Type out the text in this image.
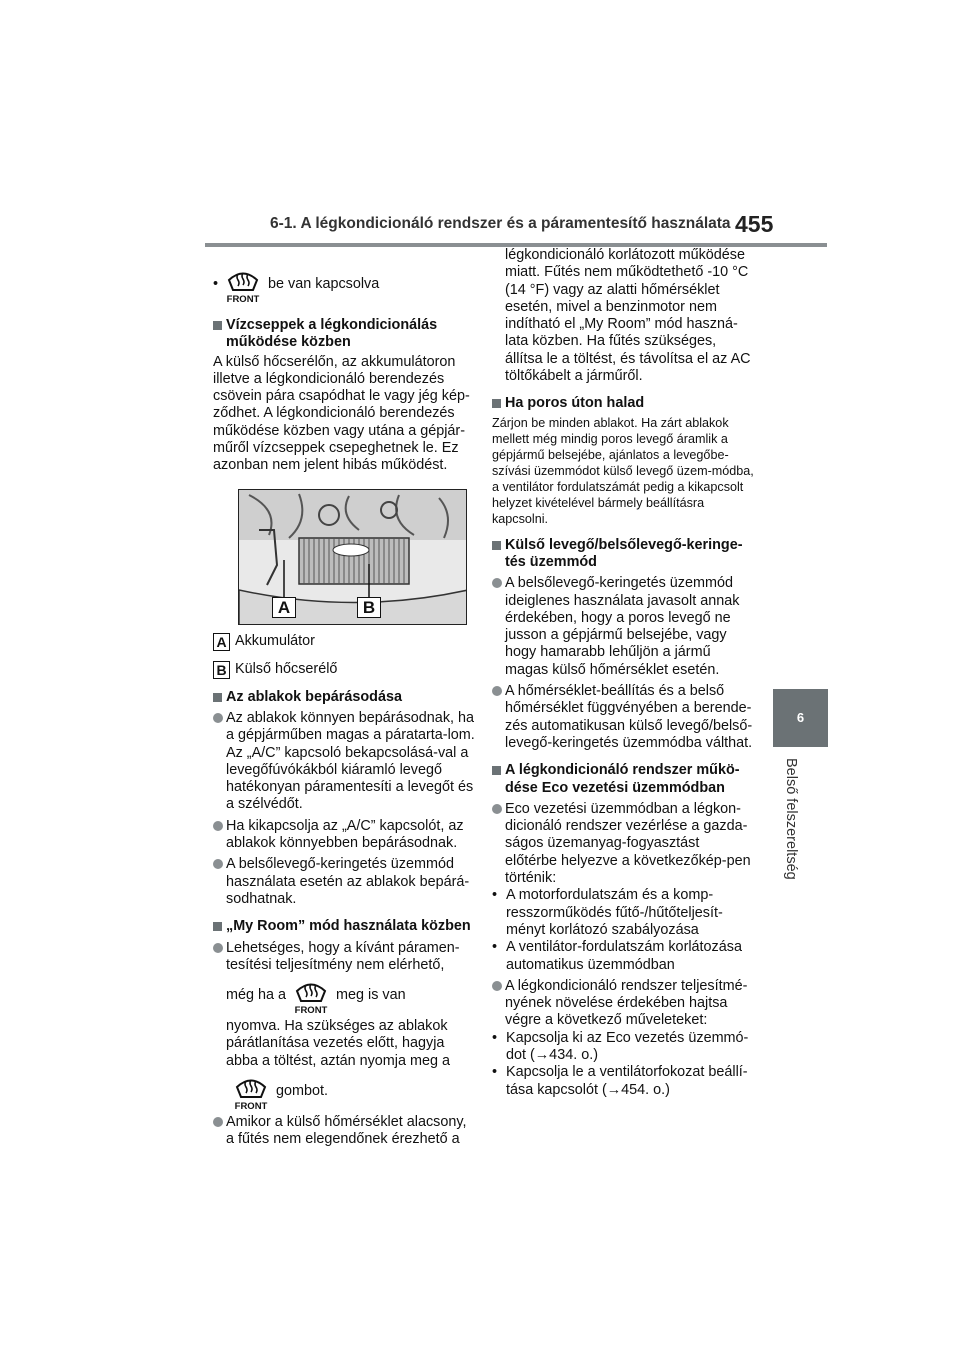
6-1. A légkondicionáló rendszer és a páramentesítő használata 455
6
Belső felszereltség
•
FRONT
be van kapcsolva
Vízcseppek a légkondicionálás működése közben
A külső hőcserélőn, az akkumulátoron illetve a légkondicionáló berendezés csövein pára csapódhat le vagy jég kép-ződhet. A légkondicionáló berendezés működése közben vagy utána a gépjár-műről vízcseppek csepeghetnek le. Ez azonban nem jelent hibás működést.
A	B
A Akkumulátor
B Külső hőcserélő
Az ablakok bepárásodása
Az ablakok könnyen bepárásodnak, ha a gépjárműben magas a páratarta-lom. Az „A/C” kapcsoló bekapcsolásá-val a levegőfúvókákból kiáramló levegő hatékonyan páramentesíti a levegőt és a szélvédőt.
Ha kikapcsolja az „A/C” kapcsolót, az ablakok könnyebben bepárásodnak.
A belsőlevegő-keringetés üzemmód használata esetén az ablakok bepárá-sodhatnak.
„My Room” mód használata közben
Lehetséges, hogy a kívánt páramen-tesítési teljesítmény nem elérhető,
még ha a
FRONT
meg is van
nyomva. Ha szükséges az ablakok párátlanítása vezetés előtt, hagyja abba a töltést, aztán nyomja meg a
FRONT
gombot.
Amikor a külső hőmérséklet alacsony, a fűtés nem elegendőnek érezhető a
légkondicionáló korlátozott működése miatt. Fűtés nem működtethető -10 °C (14 °F) vagy az alatti hőmérséklet esetén, mivel a benzinmotor nem indítható el „My Room” mód haszná-lata közben. Ha fűtés szükséges, állítsa le a töltést, és távolítsa el az AC töltőkábelt a járműről.
Ha poros úton halad
Zárjon be minden ablakot. Ha zárt ablakok mellett még mindig poros levegő áramlik a gépjármű belsejébe, ajánlatos a levegőbe-szívási üzemmódot külső levegő üzem-módba, a ventilátor fordulatszámát pedig a kikapcsolt helyzet kivételével bármely beállításra kapcsolni.
Külső levegő/belsőlevegő-keringe-tés üzemmód
A belsőlevegő-keringetés üzemmód ideiglenes használata javasolt annak érdekében, hogy a poros levegő ne jusson a gépjármű belsejébe, vagy hogy hamarabb lehűljön a jármű magas külső hőmérséklet esetén.
A hőmérséklet-beállítás és a belső hőmérséklet függvényében a berende-zés automatikusan külső levegő/belső-levegő-keringetés üzemmódba válthat.
A légkondicionáló rendszer műkö-dése Eco vezetési üzemmódban
Eco vezetési üzemmódban a légkon-dicionáló rendszer vezérlése a gazda-ságos üzemanyag-fogyasztást előtérbe helyezve a következőkép-pen történik:
• A motorfordulatszám és a komp-resszorműködés fűtő-/hűtőteljesít-ményt korlátozó szabályozása
• A ventilátor-fordulatszám korlátozása automatikus üzemmódban
A légkondicionáló rendszer teljesítmé-nyének növelése érdekében hajtsa végre a következő műveleteket:
• Kapcsolja ki az Eco vezetés üzemmó-dot (→434. o.)
• Kapcsolja le a ventilátorfokozat beállí-tása kapcsolót (→454. o.)
